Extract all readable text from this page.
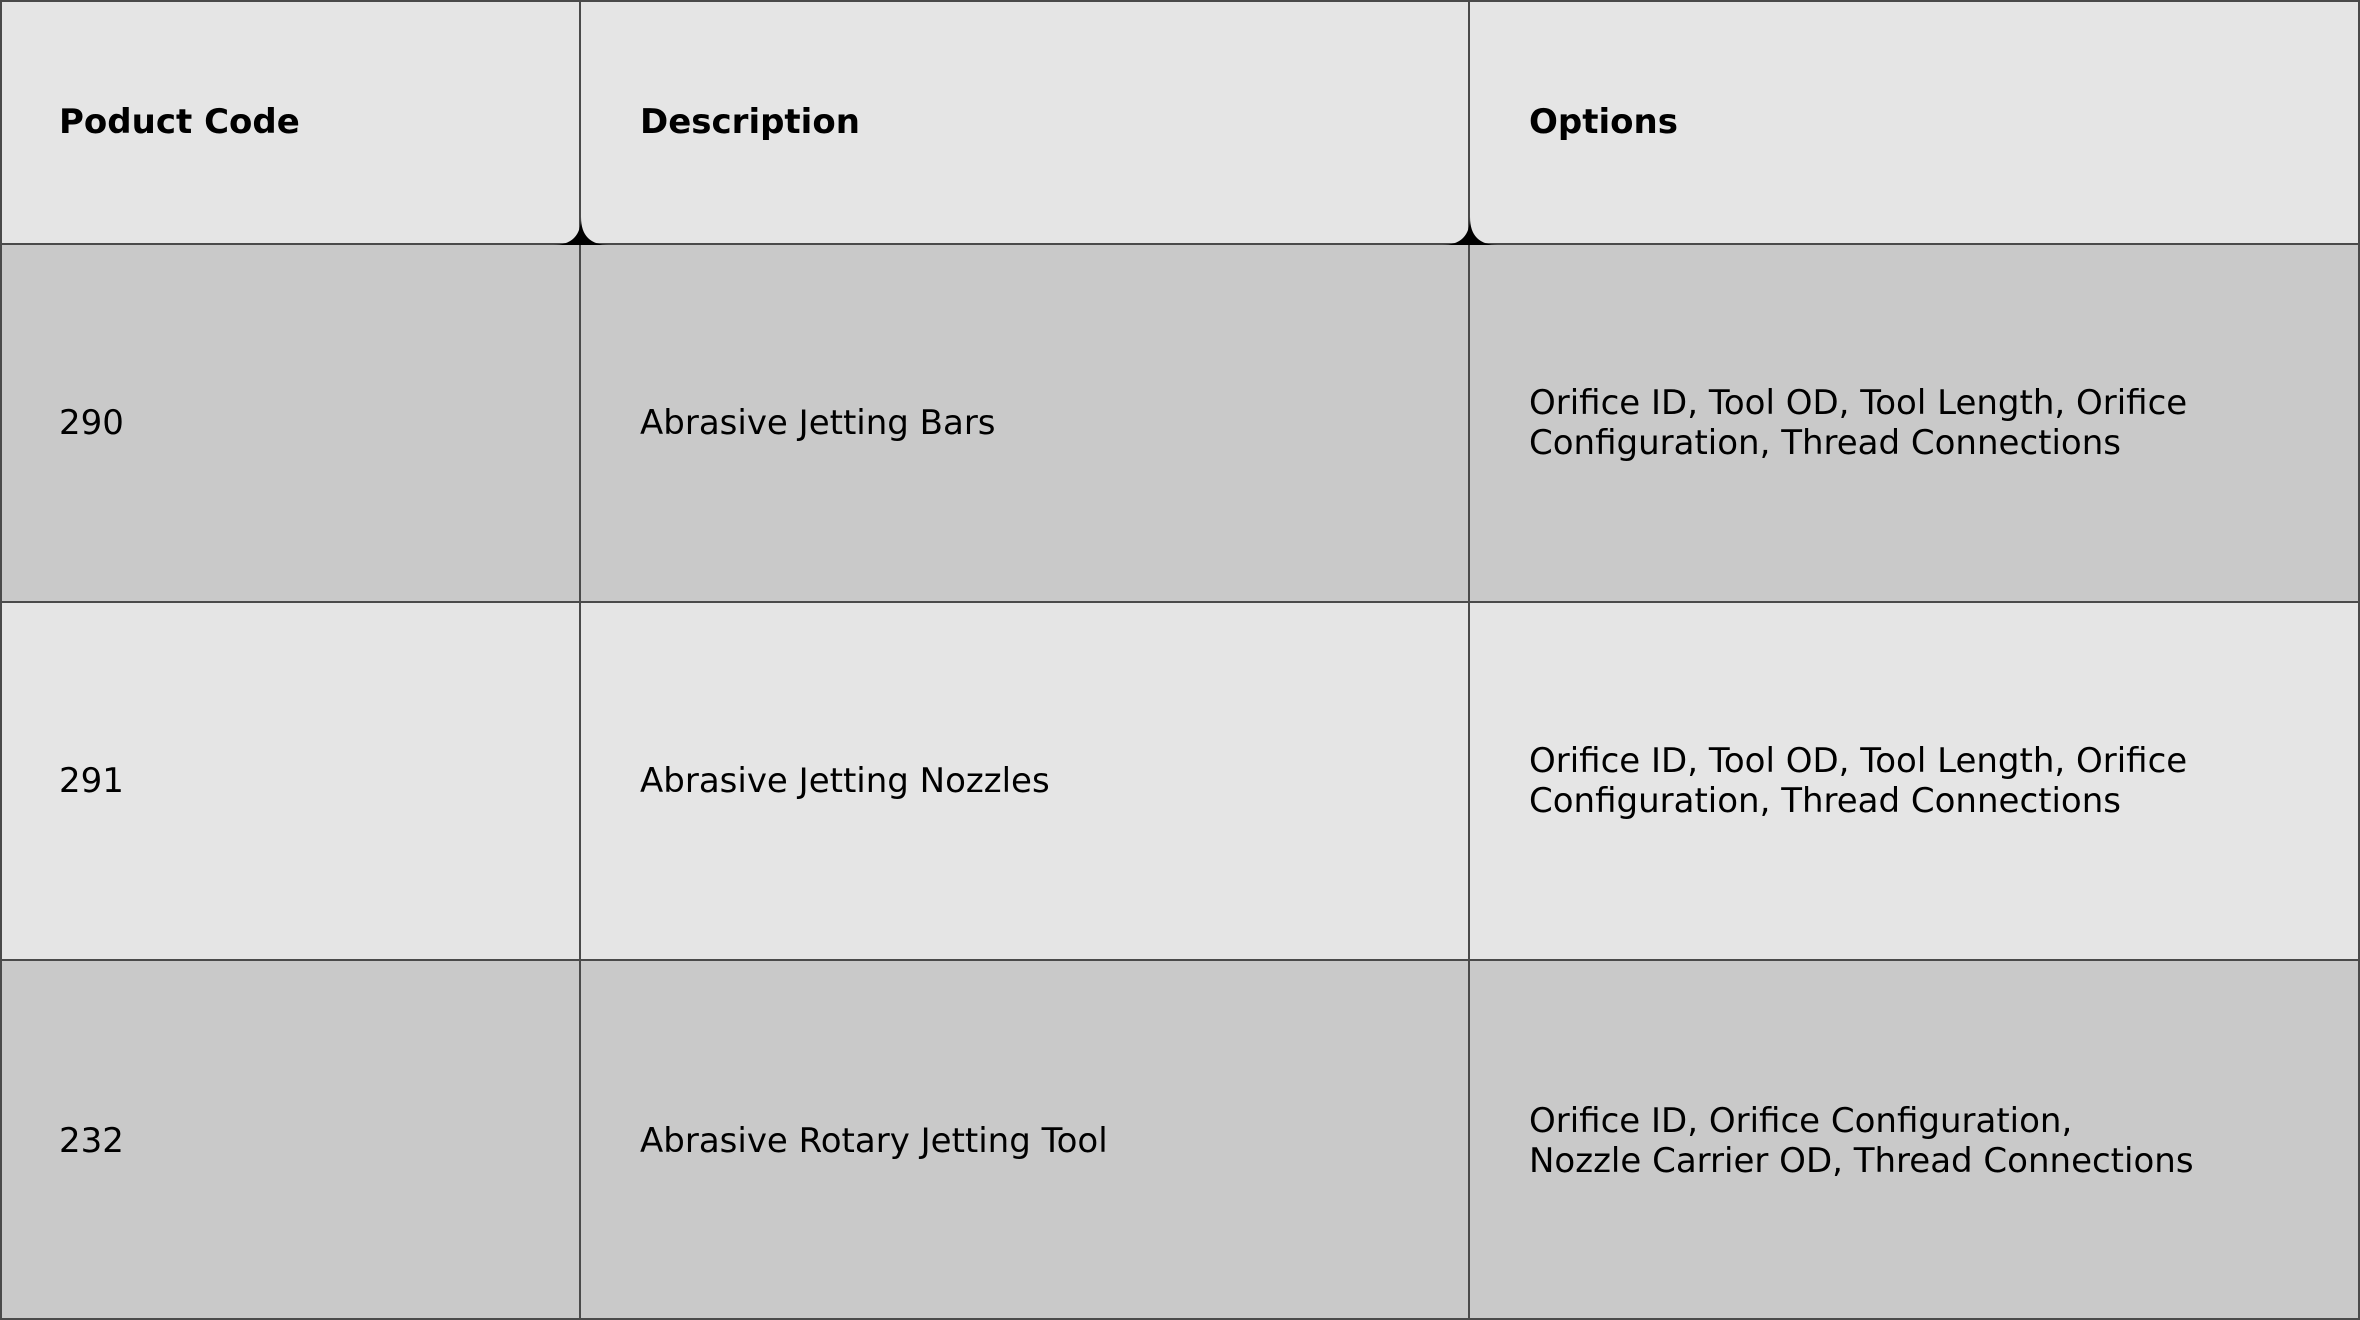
Poduct Code	Description	Options
290	Abrasive Jetting Bars	Orifice ID, Tool OD, Tool Length, Orifice
Configuration, Thread Connections
291	Abrasive Jetting Nozzles	Orifice ID, Tool OD, Tool Length, Orifice
Configuration, Thread Connections
232	Abrasive Rotary Jetting Tool	Orifice ID, Orifice Configuration,
Nozzle Carrier OD, Thread Connections
